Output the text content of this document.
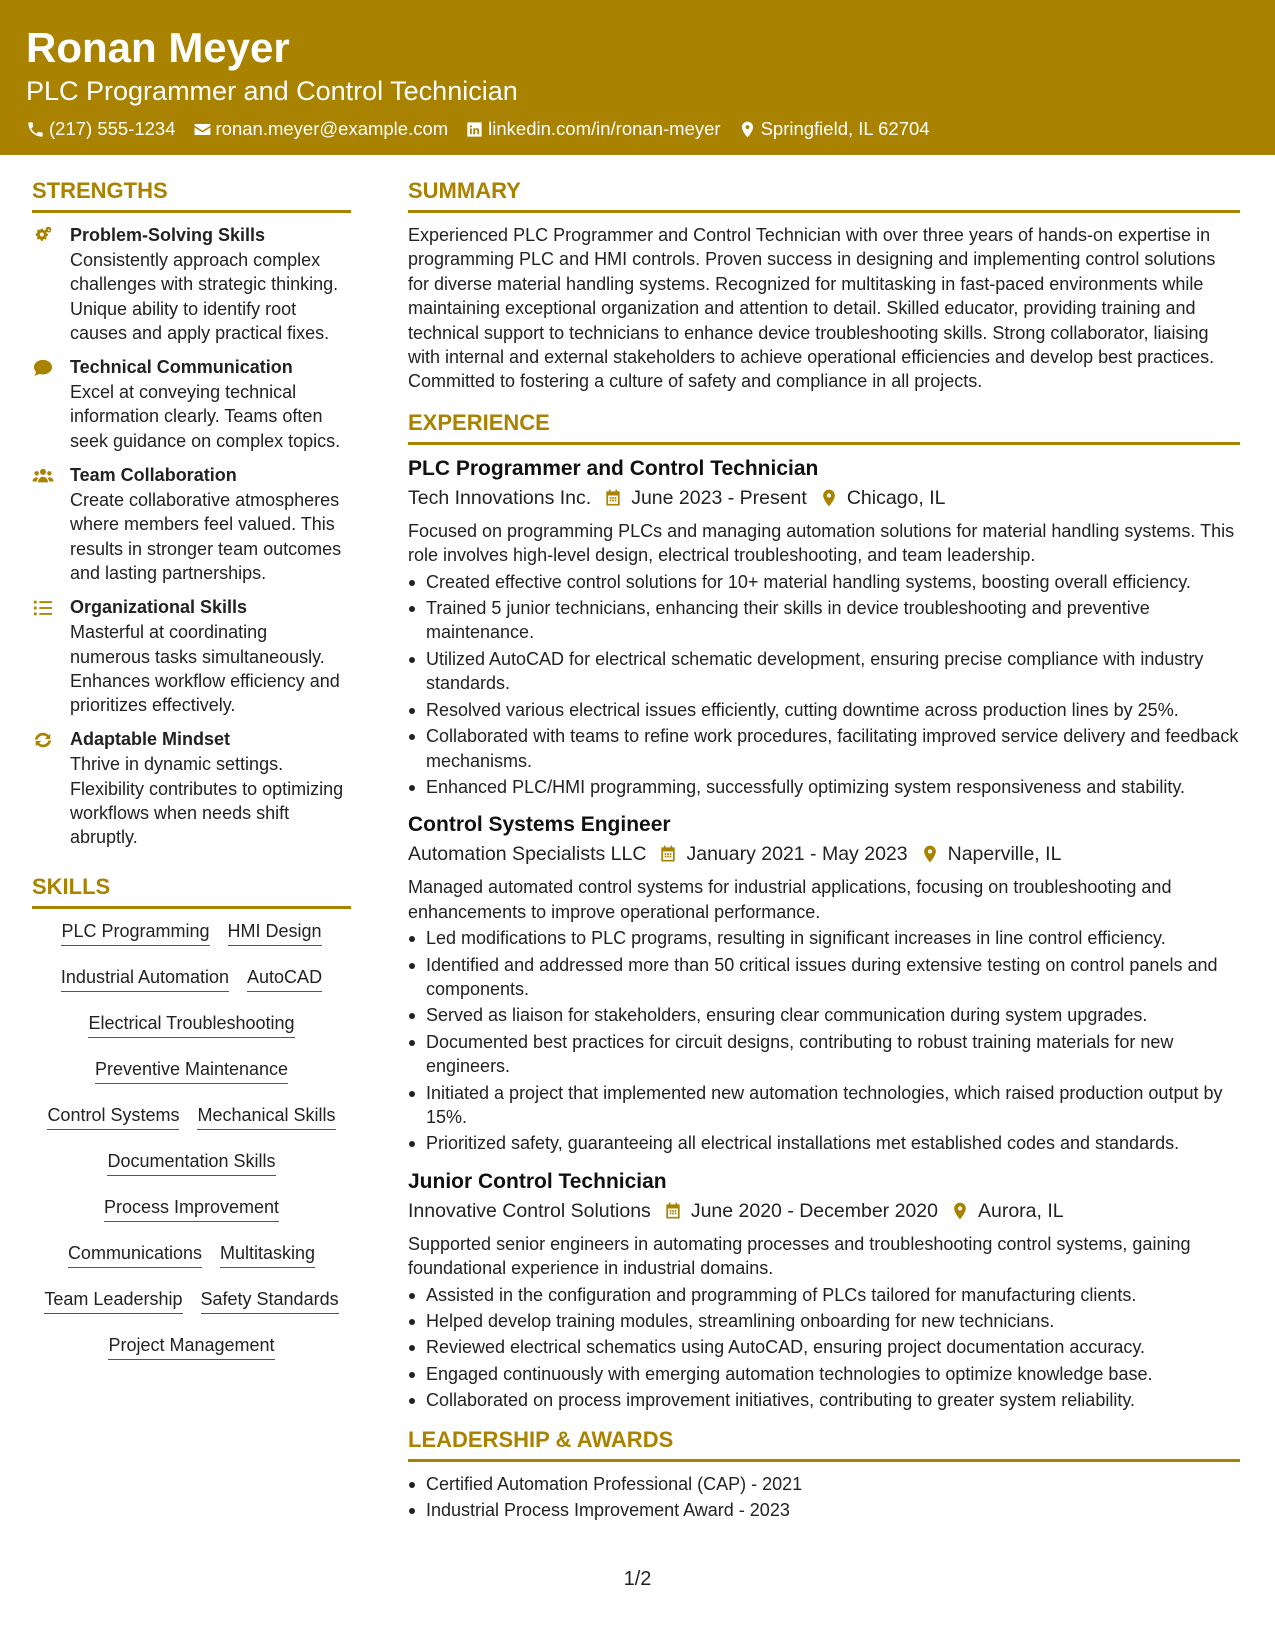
Ronan Meyer
PLC Programmer and Control Technician
(217) 555-1234 ronan.meyer@example.com linkedin.com/in/ronan-meyer Springfield, IL 62704
STRENGTHS
Problem-Solving Skills
Consistently approach complex challenges with strategic thinking. Unique ability to identify root causes and apply practical fixes.
Technical Communication
Excel at conveying technical information clearly. Teams often seek guidance on complex topics.
Team Collaboration
Create collaborative atmospheres where members feel valued. This results in stronger team outcomes and lasting partnerships.
Organizational Skills
Masterful at coordinating numerous tasks simultaneously. Enhances workflow efficiency and prioritizes effectively.
Adaptable Mindset
Thrive in dynamic settings. Flexibility contributes to optimizing workflows when needs shift abruptly.
SKILLS
PLC Programming HMI Design
Industrial Automation AutoCAD
Electrical Troubleshooting
Preventive Maintenance
Control Systems Mechanical Skills
Documentation Skills
Process Improvement
Communications Multitasking
Team Leadership Safety Standards
Project Management
SUMMARY
Experienced PLC Programmer and Control Technician with over three years of hands-on expertise in programming PLC and HMI controls. Proven success in designing and implementing control solutions for diverse material handling systems. Recognized for multitasking in fast-paced environments while maintaining exceptional organization and attention to detail. Skilled educator, providing training and technical support to technicians to enhance device troubleshooting skills. Strong collaborator, liaising with internal and external stakeholders to achieve operational efficiencies and develop best practices. Committed to fostering a culture of safety and compliance in all projects.
EXPERIENCE
PLC Programmer and Control Technician
Tech Innovations Inc. June 2023 - Present Chicago, IL
Focused on programming PLCs and managing automation solutions for material handling systems. This role involves high-level design, electrical troubleshooting, and team leadership.
Created effective control solutions for 10+ material handling systems, boosting overall efficiency.
Trained 5 junior technicians, enhancing their skills in device troubleshooting and preventive maintenance.
Utilized AutoCAD for electrical schematic development, ensuring precise compliance with industry standards.
Resolved various electrical issues efficiently, cutting downtime across production lines by 25%.
Collaborated with teams to refine work procedures, facilitating improved service delivery and feedback mechanisms.
Enhanced PLC/HMI programming, successfully optimizing system responsiveness and stability.
Control Systems Engineer
Automation Specialists LLC January 2021 - May 2023 Naperville, IL
Managed automated control systems for industrial applications, focusing on troubleshooting and enhancements to improve operational performance.
Led modifications to PLC programs, resulting in significant increases in line control efficiency.
Identified and addressed more than 50 critical issues during extensive testing on control panels and components.
Served as liaison for stakeholders, ensuring clear communication during system upgrades.
Documented best practices for circuit designs, contributing to robust training materials for new engineers.
Initiated a project that implemented new automation technologies, which raised production output by 15%.
Prioritized safety, guaranteeing all electrical installations met established codes and standards.
Junior Control Technician
Innovative Control Solutions June 2020 - December 2020 Aurora, IL
Supported senior engineers in automating processes and troubleshooting control systems, gaining foundational experience in industrial domains.
Assisted in the configuration and programming of PLCs tailored for manufacturing clients.
Helped develop training modules, streamlining onboarding for new technicians.
Reviewed electrical schematics using AutoCAD, ensuring project documentation accuracy.
Engaged continuously with emerging automation technologies to optimize knowledge base.
Collaborated on process improvement initiatives, contributing to greater system reliability.
LEADERSHIP & AWARDS
Certified Automation Professional (CAP) - 2021
Industrial Process Improvement Award - 2023
1/2
